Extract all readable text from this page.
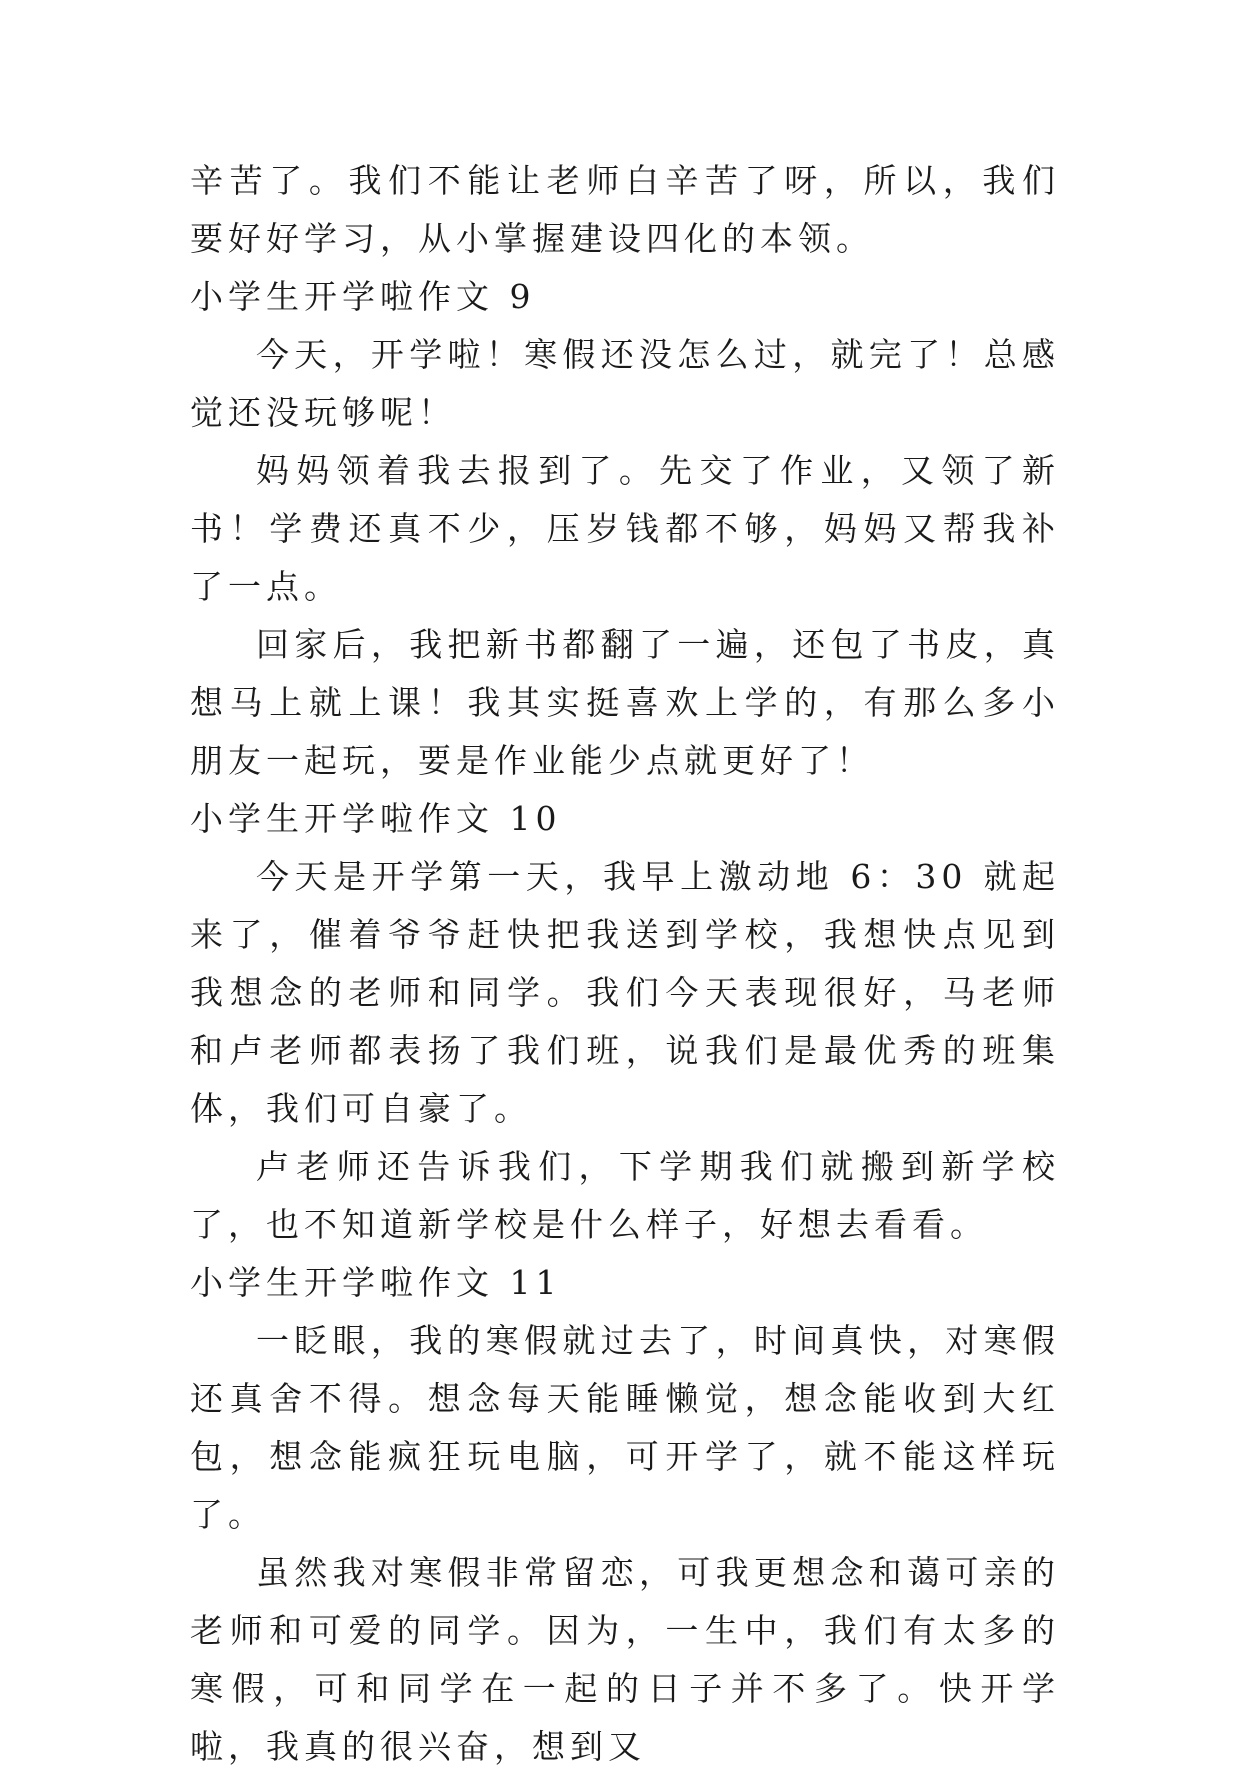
辛苦了。我们不能让老师白辛苦了呀，所以，我们要好好学习，从小掌握建设四化的本领。

小学生开学啦作文 9

今天，开学啦！寒假还没怎么过，就完了！总感觉还没玩够呢！

妈妈领着我去报到了。先交了作业，又领了新书！学费还真不少，压岁钱都不够，妈妈又帮我补了一点。

回家后，我把新书都翻了一遍，还包了书皮，真想马上就上课！我其实挺喜欢上学的，有那么多小朋友一起玩，要是作业能少点就更好了！

小学生开学啦作文 10

今天是开学第一天，我早上激动地 6：30 就起来了，催着爷爷赶快把我送到学校，我想快点见到我想念的老师和同学。我们今天表现很好，马老师和卢老师都表扬了我们班，说我们是最优秀的班集体，我们可自豪了。

卢老师还告诉我们，下学期我们就搬到新学校了，也不知道新学校是什么样子，好想去看看。

小学生开学啦作文 11

一眨眼，我的寒假就过去了，时间真快，对寒假还真舍不得。想念每天能睡懒觉，想念能收到大红包，想念能疯狂玩电脑，可开学了，就不能这样玩了。

虽然我对寒假非常留恋，可我更想念和蔼可亲的老师和可爱的同学。因为，一生中，我们有太多的寒假，可和同学在一起的日子并不多了。快开学啦，我真的很兴奋，想到又
